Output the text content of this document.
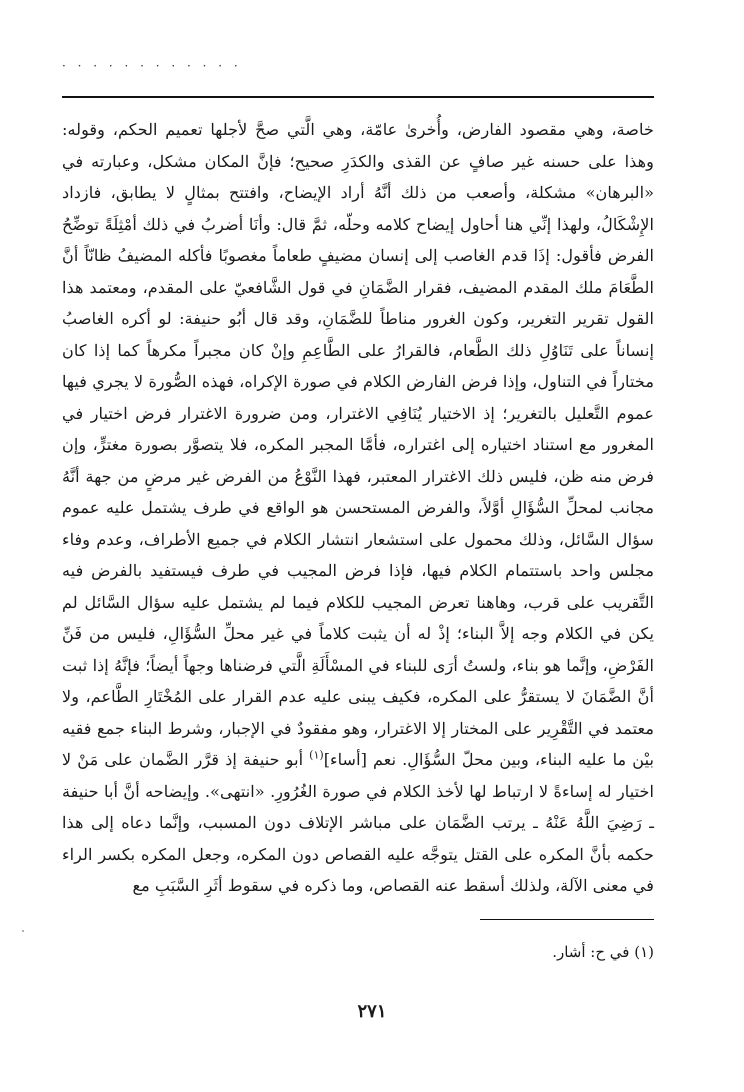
· · · · · · · · · · · ·

خاصة، وهي مقصود الفارض، وأُخرىٰ عامّة، وهي الَّتي صحَّ لأجلها تعميم الحكم، وقوله: وهذا على حسنه غير صافٍ عن القذى والكدَرِ صحيح؛ فإنَّ المكان مشكل، وعبارته في «البرهان» مشكلة، وأصعب من ذلك أنَّهُ أراد الإيضاح، وافتتح بمثالٍ لا يطابق، فازداد الإِشْكَالُ، ولهذا إنِّي هنا أحاول إيضاح كلامه وحلّه، ثمَّ قال: وأنَا أضربُ في ذلك أمْثِلَةً توضِّحُ الفرض فأقول: إذَا قدم الغاصب إلى إنسان مضيفٍ طعاماً مغصوبًا فأكله المضيفُ ظانّاً أنَّ الطَّعَامَ ملك المقدم المضيف، فقرار الضَّمَانِ في قول الشَّافعيّ على المقدم، ومعتمد هذا القول تقرير التغرير، وكون الغرور مناطاً للضَّمَانِ، وقد قال أبُو حنيفة: لو أكره الغاصبُ إنساناً على تَنَاوُلِ ذلك الطَّعام، فالقرارُ على الطَّاعِمِ وإنْ كان مجبراً مكرهاً كما إذا كان مختاراً في التناول، وإذا فرض الفارض الكلام في صورة الإكراه، فهذه الصُّورة لا يجري فيها عموم التَّعليل بالتغرير؛ إذ الاختيار يُنَافِي الاغترار، ومن ضرورة الاغترار فرض اختيار في المغرور مع استناد اختياره إلى اغتراره، فأمَّا المجبر المكره، فلا يتصوَّر بصورة مغترٍّ، وإن فرض منه ظن، فليس ذلك الاغترار المعتبر، فهذا النَّوْعُ من الفرض غير مرضٍ من جهة أنَّهُ مجانب لمحلِّ السُّؤَالِ أوَّلاً، والفرض المستحسن هو الواقع في طرف يشتمل عليه عموم سؤال السَّائل، وذلك محمول على استشعار انتشار الكلام في جميع الأطراف، وعدم وفاء مجلس واحد باستتمام الكلام فيها، فإذا فرض المجيب في طرف فيستفيد بالفرض فيه التَّقريب على قرب، وهاهنا تعرض المجيب للكلام فيما لم يشتمل عليه سؤال السَّائل لم يكن في الكلام وجه إلاَّ البناء؛ إذْ له أن يثبت كلاماً في غير محلِّ السُّؤَالِ، فليس من فَنِّ الفَرْضِ، وإنَّما هو بناء، ولستُ أرَى للبناء في المسْأَلَةِ الَّتي فرضناها وجهاً أيضاً؛ فإنَّهُ إذا ثبت أنَّ الضَّمَانَ لا يستقرُّ على المكره، فكيف يبنى عليه عدم القرار على المُخْتَارِ الطَّاعم، ولا معتمد في التَّقْرِير على المختار إلا الاغترار، وهو مفقودٌ في الإجبار، وشرط البناء جمع فقيه بيْن ما عليه البناء، وبين محلّ السُّؤَالِ. نعم [أساء]$^{(١)}$ أبو حنيفة إذ قرَّر الضَّمان على مَنْ لا اختيار له إساءةً لا ارتباط لها لأخذ الكلام في صورة الغُرُورِ. «انتهى». وإيضاحه أنَّ أبا حنيفة ـ رَضِيَ اللَّهُ عَنْهُ ـ يرتب الضَّمَان على مباشر الإتلاف دون المسبب، وإنَّما دعاه إلى هذا حكمه بأنَّ المكره على القتل يتوجَّه عليه القصاص دون المكره، وجعل المكره بكسر الراء في معنى الآلة، ولذلك أسقط عنه القصاص، وما ذكره في سقوط أثَرِ السَّبَبِ مع

(١) في ح: أشار.
٢٧١
